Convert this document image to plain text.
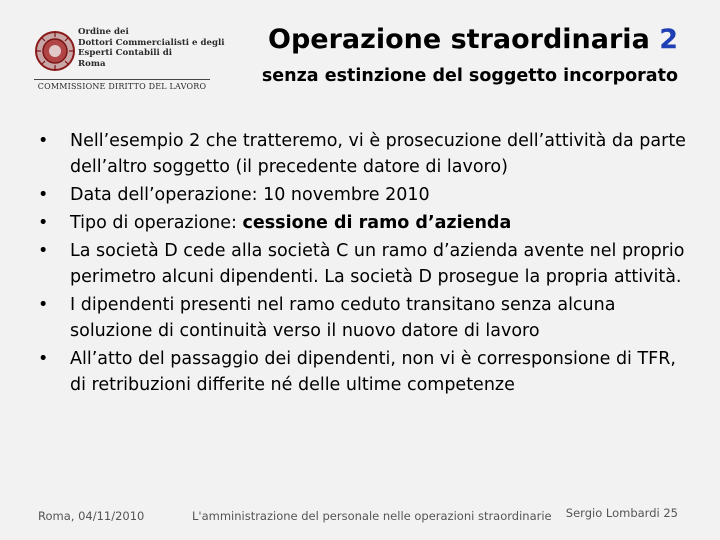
Ordine dei
Dottori Commercialisti e degli
Esperti Contabili di
Roma
COMMISSIONE DIRITTO DEL LAVORO
Operazione straordinaria 2
senza estinzione del soggetto incorporato
• Nell’esempio 2 che tratteremo, vi è prosecuzione dell’attività da parte dell’altro soggetto (il precedente datore di lavoro)
• Data dell’operazione: 10 novembre 2010
• Tipo di operazione: cessione di ramo d’azienda
• La società D cede alla società C un ramo d’azienda avente nel proprio perimetro alcuni dipendenti. La società D prosegue la propria attività.
• I dipendenti presenti nel ramo ceduto transitano senza alcuna soluzione di continuità verso il nuovo datore di lavoro
• All’atto del passaggio dei dipendenti, non vi è corresponsione di TFR, di retribuzioni differite né delle ultime competenze
Roma, 04/11/2010	L'amministrazione del personale nelle operazioni straordinarie Sergio Lombardi 25
